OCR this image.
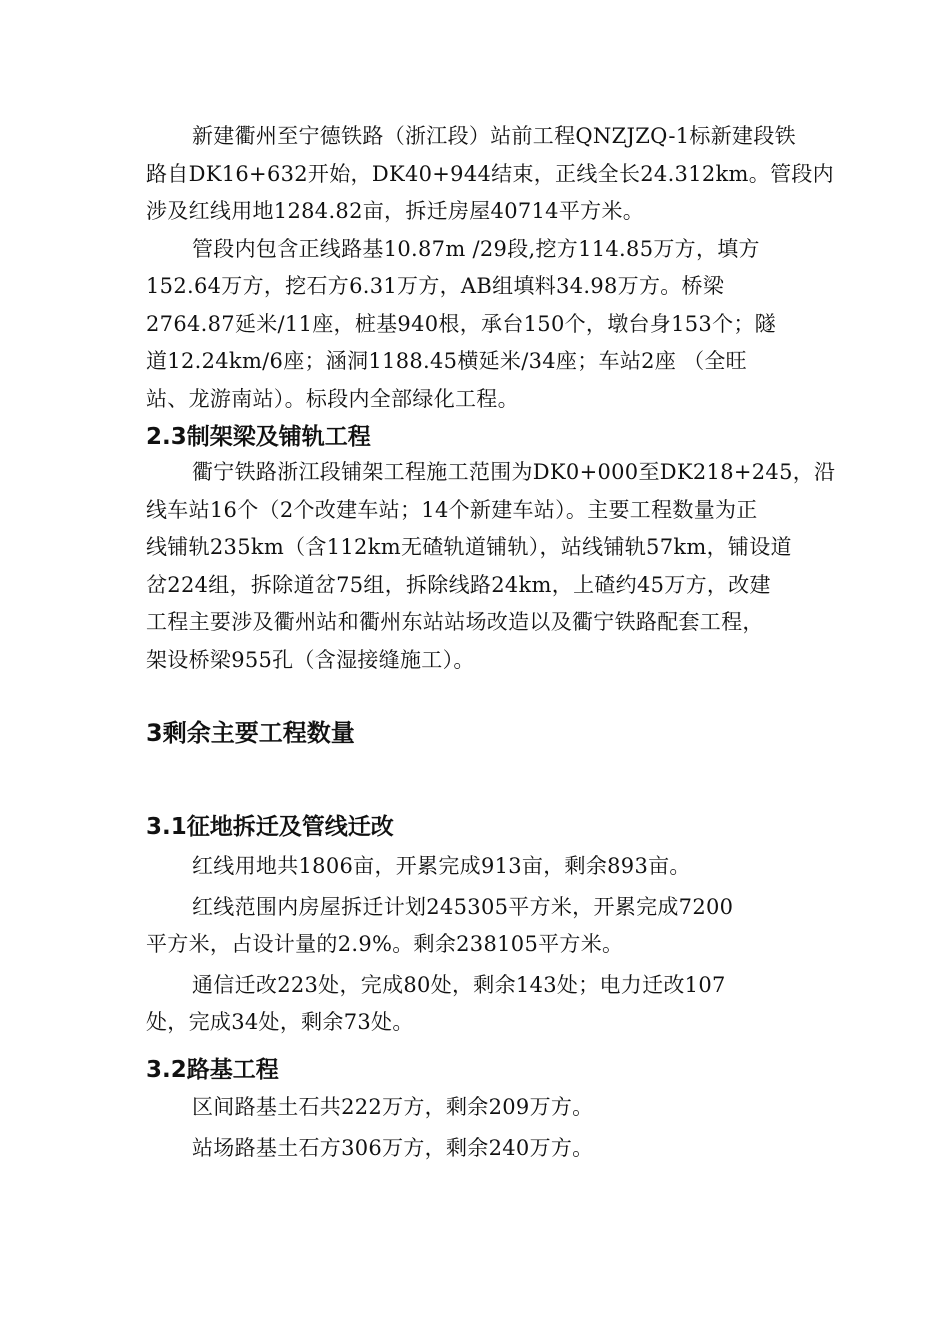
新建衢州至宁德铁路（浙江段）站前工程QNZJZQ-1标新建段铁
路自DK16+632开始，DK40+944结束，正线全长24.312km。管段内
涉及红线用地1284.82亩，拆迁房屋40714平方米。
管段内包含正线路基10.87m /29段,挖方114.85万方，填方
152.64万方，挖石方6.31万方，AB组填料34.98万方。桥梁
2764.87延米/11座，桩基940根，承台150个，墩台身153个；隧
道12.24km/6座；涵洞1188.45横延米/34座；车站2座 （全旺
站、龙游南站）。标段内全部绿化工程。
2.3制架梁及铺轨工程
衢宁铁路浙江段铺架工程施工范围为DK0+000至DK218+245，沿
线车站16个（2个改建车站；14个新建车站）。主要工程数量为正
线铺轨235km（含112km无碴轨道铺轨），站线铺轨57km，铺设道
岔224组，拆除道岔75组，拆除线路24km，上碴约45万方，改建
工程主要涉及衢州站和衢州东站站场改造以及衢宁铁路配套工程，
架设桥梁955孔（含湿接缝施工）。
3剩余主要工程数量
3.1征地拆迁及管线迁改
红线用地共1806亩，开累完成913亩，剩余893亩。
红线范围内房屋拆迁计划245305平方米，开累完成7200
平方米，占设计量的2.9%。剩余238105平方米。
通信迁改223处，完成80处，剩余143处；电力迁改107
处，完成34处，剩余73处。
3.2路基工程
区间路基土石共222万方，剩余209万方。
站场路基土石方306万方，剩余240万方。
